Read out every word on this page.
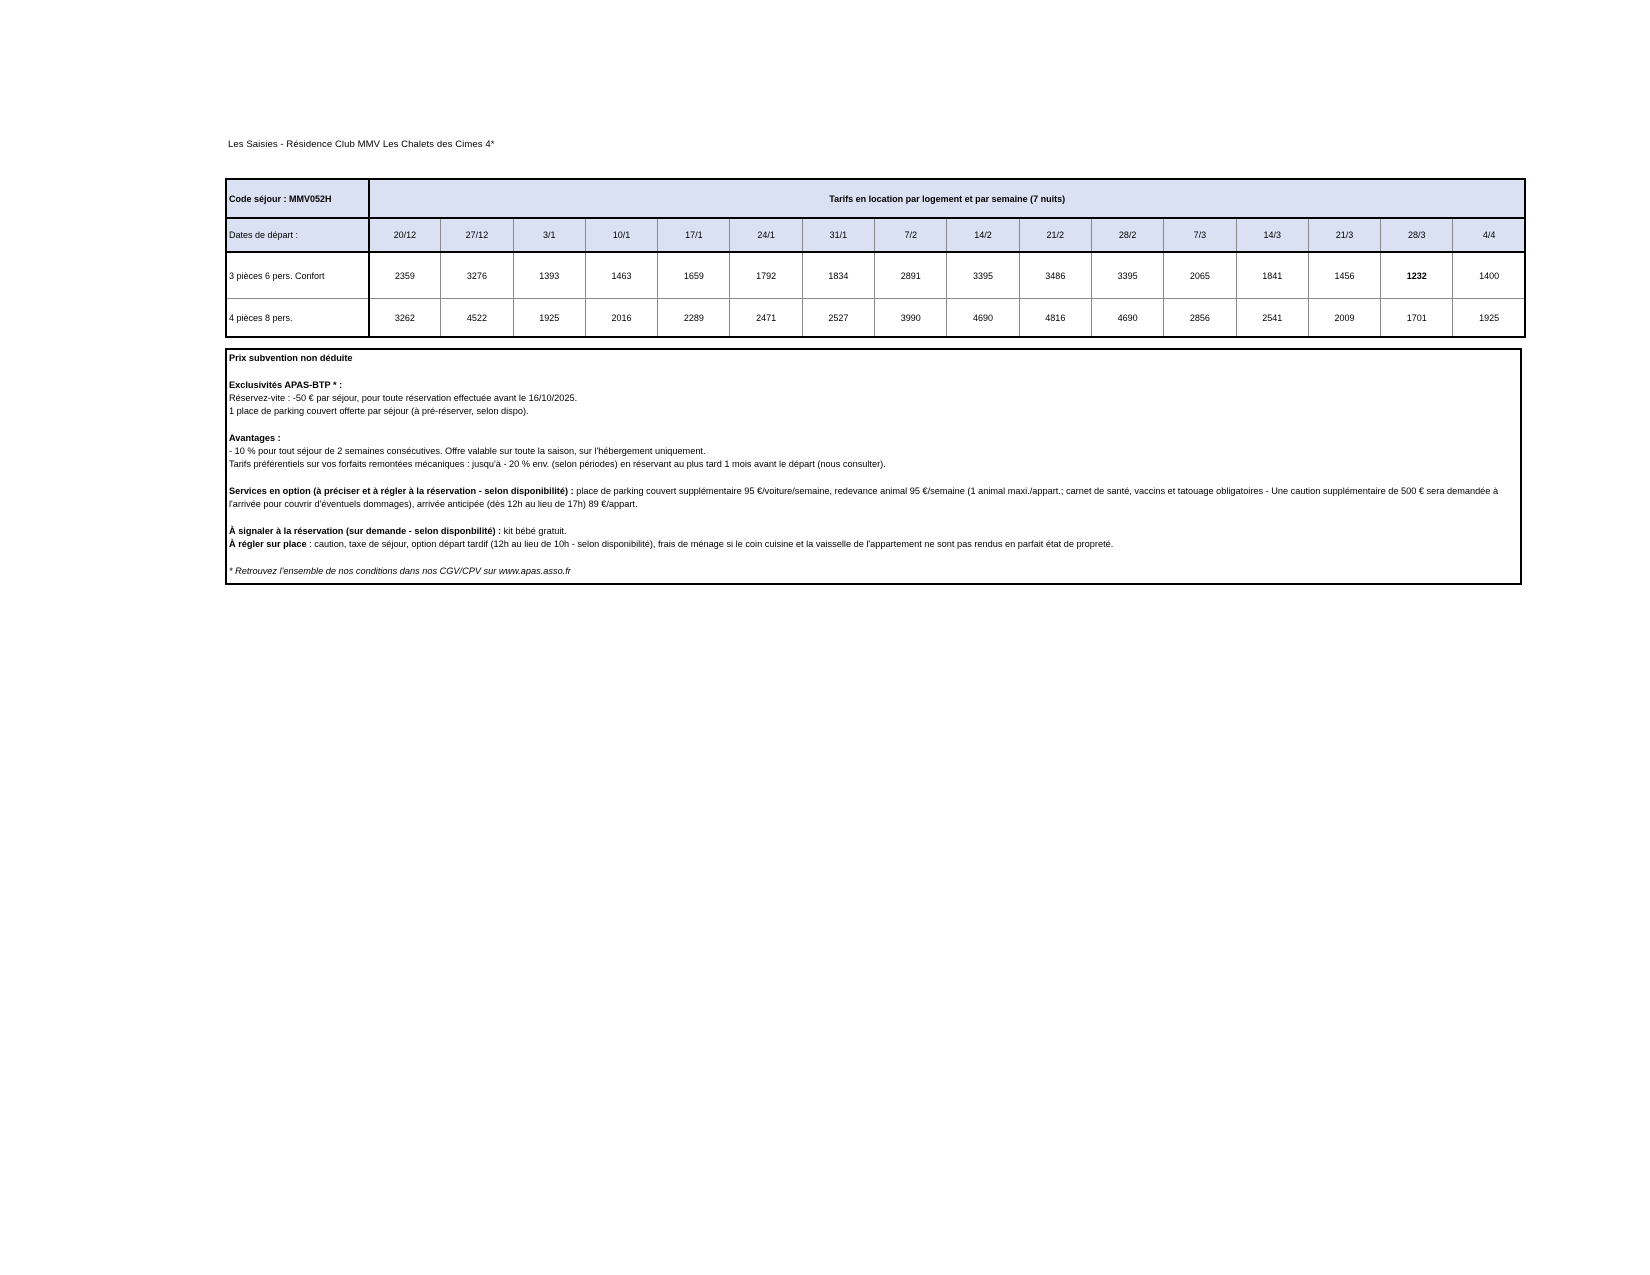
Les Saisies - Résidence Club MMV Les Chalets des Cimes 4*
Code séjour : MMV052H	Tarifs en location par logement et par semaine (7 nuits)															
Dates de départ :	20/12	27/12	3/1	10/1	17/1	24/1	31/1	7/2	14/2	21/2	28/2	7/3	14/3	21/3	28/3	4/4
3 pièces 6 pers. Confort	2359	3276	1393	1463	1659	1792	1834	2891	3395	3486	3395	2065	1841	1456	1232	1400
4 pièces 8 pers.	3262	4522	1925	2016	2289	2471	2527	3990	4690	4816	4690	2856	2541	2009	1701	1925

Prix subvention non déduite

Exclusivités APAS-BTP * :

Réservez-vite : -50 € par séjour, pour toute réservation effectuée avant le 16/10/2025.

1 place de parking couvert offerte par séjour (à pré-réserver, selon dispo).

Avantages :

- 10 % pour tout séjour de 2 semaines consécutives. Offre valable sur toute la saison, sur l'hébergement uniquement.

Tarifs préférentiels sur vos forfaits remontées mécaniques : jusqu'à - 20 % env. (selon périodes) en réservant au plus tard 1 mois avant le départ (nous consulter).

Services en option (à préciser et à régler à la réservation - selon disponibilité) : place de parking couvert supplémentaire 95 €/voiture/semaine, redevance animal 95 €/semaine (1 animal maxi./appart.; carnet de santé, vaccins et tatouage obligatoires - Une caution supplémentaire de 500 € sera demandée à l'arrivée pour couvrir d'éventuels dommages), arrivée anticipée (dès 12h au lieu de 17h) 89 €/appart.

À signaler à la réservation (sur demande - selon disponbilité) : kit bébé gratuit.

À régler sur place : caution, taxe de séjour, option départ tardif (12h au lieu de 10h - selon disponibilité), frais de ménage si le coin cuisine et la vaisselle de l'appartement ne sont pas rendus en parfait état de propreté.

* Retrouvez l'ensemble de nos conditions dans nos CGV/CPV sur www.apas.asso.fr
